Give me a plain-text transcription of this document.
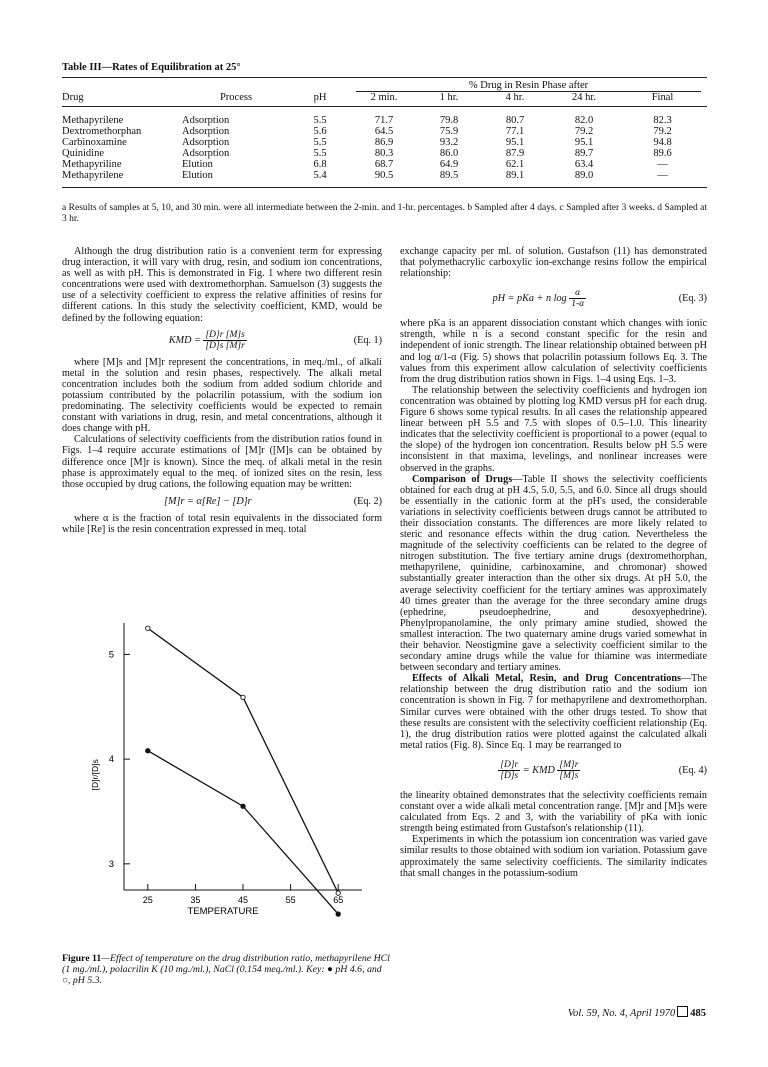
Table III—Rates of Equilibration at 25°
			% Drug in Resin Phase after				

Drug	Process	pH	2 min.	1 hr.	4 hr.	24 hr.	Final

Methapyrilene	Adsorption	5.5	71.7	79.8	80.7	82.0	82.3
Dextromethorphan	Adsorption	5.6	64.5	75.9	77.1	79.2	79.2
Carbinoxamine	Adsorption	5.5	86.9	93.2	95.1	95.1	94.8
Quinidine	Adsorption	5.5	80.3	86.0	87.9	89.7	89.6
Methapyriline	Elution	6.8	68.7	64.9	62.1	63.4	—
Methapyrilene	Elution	5.4	90.5	89.5	89.1	89.0	—

a Results of samples at 5, 10, and 30 min. were all intermediate between the 2-min. and 1-hr. percentages. b Sampled after 4 days. c Sampled after 3 weeks. d Sampled at 3 hr.

Although the drug distribution ratio is a convenient term for expressing drug interaction, it will vary with drug, resin, and sodium ion concentrations, as well as with pH. This is demonstrated in Fig. 1 where two different resin concentrations were used with dextromethorphan. Samuelson (3) suggests the use of a selectivity coefficient to express the relative affinities of resins for different cations. In this study the selectivity coefficient, KMD, would be defined by the following equation:

KMD = $\frac{[D]r [M]s}{[D]s [M]r}$	(Eq. 1)

where [M]s and [M]r represent the concentrations, in meq./ml., of alkali metal in the solution and resin phases, respectively. The alkali metal concentration includes both the sodium from added sodium chloride and potassium contributed by the polacrilin potassium, with the sodium ion predominating. The selectivity coefficients would be expected to remain constant with variations in drug, resin, and metal concentrations, although it does change with pH.

Calculations of selectivity coefficients from the distribution ratios found in Figs. 1–4 require accurate estimations of [M]r ([M]s can be obtained by difference once [M]r is known). Since the meq. of alkali metal in the resin phase is approximately equal to the meq. of ionized sites on the resin, less those occupied by drug cations, the following equation may be written:

[M]r = α[Re] − [D]r	(Eq. 2)

where α is the fraction of total resin equivalents in the dissociated form while [Re] is the resin concentration expressed in meq. total

3
4
5
25	35	45	55	65
TEMPERATURE
[D]r/[D]s
Figure 11—Effect of temperature on the drug distribution ratio, methapyrilene HCl (1 mg./ml.), polacrilin K (10 mg./ml.), NaCl (0.154 meq./ml.). Key: ● pH 4.6, and ○, pH 5.3.

exchange capacity per ml. of solution. Gustafson (11) has demonstrated that polymethacrylic carboxylic ion-exchange resins follow the empirical relationship:

pH = pKa + n $\log \frac{\alpha}{1-\alpha}$	(Eq. 3)

where pKa is an apparent dissociation constant which changes with ionic strength, while n is a second constant specific for the resin and independent of ionic strength. The linear relationship obtained between pH and log α/1-α (Fig. 5) shows that polacrilin potassium follows Eq. 3. The values from this experiment allow calculation of selectivity coefficients from the drug distribution ratios shown in Figs. 1–4 using Eqs. 1–3.

The relationship between the selectivity coefficients and hydrogen ion concentration was obtained by plotting log KMD versus pH for each drug. Figure 6 shows some typical results. In all cases the relationship appeared linear between pH 5.5 and 7.5 with slopes of 0.5–1.0. This linearity indicates that the selectivity coefficient is proportional to a power (equal to the slope) of the hydrogen ion concentration. Results below pH 5.5 were inconsistent in that maxima, levelings, and nonlinear increases were observed in the graphs.

Comparison of Drugs—Table II shows the selectivity coefficients obtained for each drug at pH 4.5, 5.0, 5.5, and 6.0. Since all drugs should be essentially in the cationic form at the pH's used, the considerable variations in selectivity coefficients between drugs cannot be attributed to their dissociation constants. The differences are more likely related to steric and resonance effects within the drug cation. Nevertheless the magnitude of the selectivity coefficients can be related to the degree of nitrogen substitution. The five tertiary amine drugs (dextromethorphan, methapyrilene, quinidine, carbinoxamine, and chromonar) showed substantially greater interaction than the other six drugs. At pH 5.0, the average selectivity coefficient for the tertiary amines was approximately 40 times greater than the average for the three secondary amine drugs (ephedrine, pseudoephedrine, and desoxyephedrine). Phenylpropanolamine, the only primary amine studied, showed the smallest interaction. The two quaternary amine drugs varied somewhat in their behavior. Neostigmine gave a selectivity coefficient similar to the secondary amine drugs while the value for thiamine was intermediate between secondary and tertiary amines.

Effects of Alkali Metal, Resin, and Drug Concentrations—The relationship between the drug distribution ratio and the sodium ion concentration is shown in Fig. 7 for methapyrilene and dextromethorphan. Similar curves were obtained with the other drugs tested. To show that these results are consistent with the selectivity coefficient relationship (Eq. 1), the drug distribution ratios were plotted against the calculated alkali metal ratios (Fig. 8). Since Eq. 1 may be rearranged to

$\frac{[D]r}{[D]s}$ = KMD $\frac{[M]r}{[M]s}$	(Eq. 4)

the linearity obtained demonstrates that the selectivity coefficients remain constant over a wide alkali metal concentration range. [M]r and [M]s were calculated from Eqs. 2 and 3, with the variability of pKa with ionic strength being estimated from Gustafson's relationship (11).

Experiments in which the potassium ion concentration was varied gave similar results to those obtained with sodium ion variation. Potassium gave approximately the same selectivity coefficients. The similarity indicates that small changes in the potassium-sodium

Vol. 59, No. 4, April 1970 485
